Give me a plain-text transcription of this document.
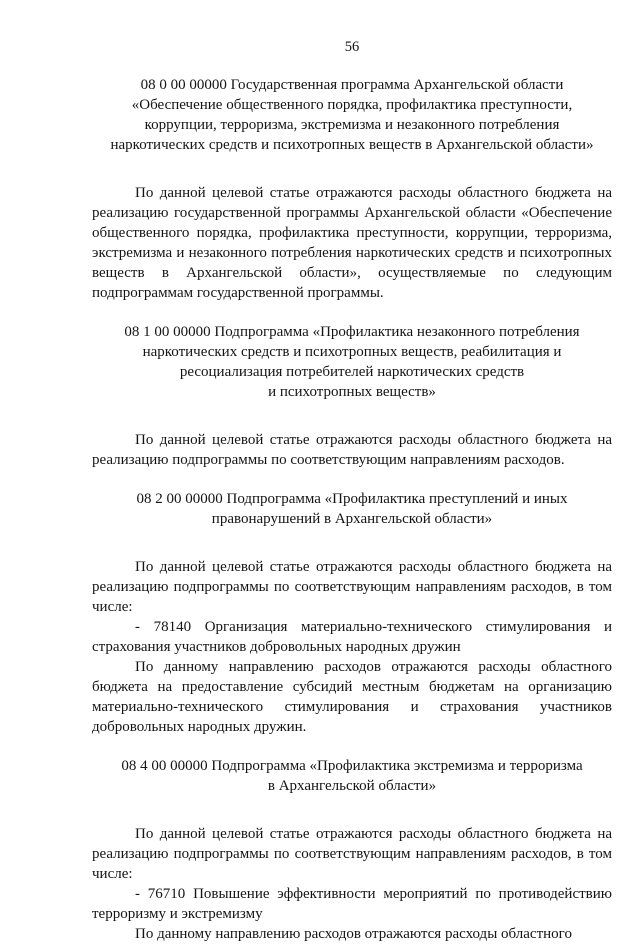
56
08 0 00 00000 Государственная программа Архангельской области
«Обеспечение общественного порядка, профилактика преступности,
коррупции, терроризма, экстремизма и незаконного потребления
наркотических средств и психотропных веществ в Архангельской области»

По данной целевой статье отражаются расходы областного бюджета на реализацию государственной программы Архангельской области «Обеспечение общественного порядка, профилактика преступности, коррупции, терроризма, экстремизма и незаконного потребления наркотических средств и психотропных веществ в Архангельской области», осуществляемые по следующим подпрограммам государственной программы.

08 1 00 00000 Подпрограмма «Профилактика незаконного потребления
наркотических средств и психотропных веществ, реабилитация и
ресоциализация потребителей наркотических средств
и психотропных веществ»

По данной целевой статье отражаются расходы областного бюджета на реализацию подпрограммы по соответствующим направлениям расходов.

08 2 00 00000 Подпрограмма «Профилактика преступлений и иных
правонарушений в Архангельской области»

По данной целевой статье отражаются расходы областного бюджета на реализацию подпрограммы по соответствующим направлениям расходов, в том числе:

- 78140 Организация материально-технического стимулирования и страхования участников добровольных народных дружин

По данному направлению расходов отражаются расходы областного бюджета на предоставление субсидий местным бюджетам на организацию материально-технического стимулирования и страхования участников добровольных народных дружин.

08 4 00 00000 Подпрограмма «Профилактика экстремизма и терроризма
в Архангельской области»

По данной целевой статье отражаются расходы областного бюджета на реализацию подпрограммы по соответствующим направлениям расходов, в том числе:

- 76710 Повышение эффективности мероприятий по противодействию терроризму и экстремизму

По данному направлению расходов отражаются расходы областного
